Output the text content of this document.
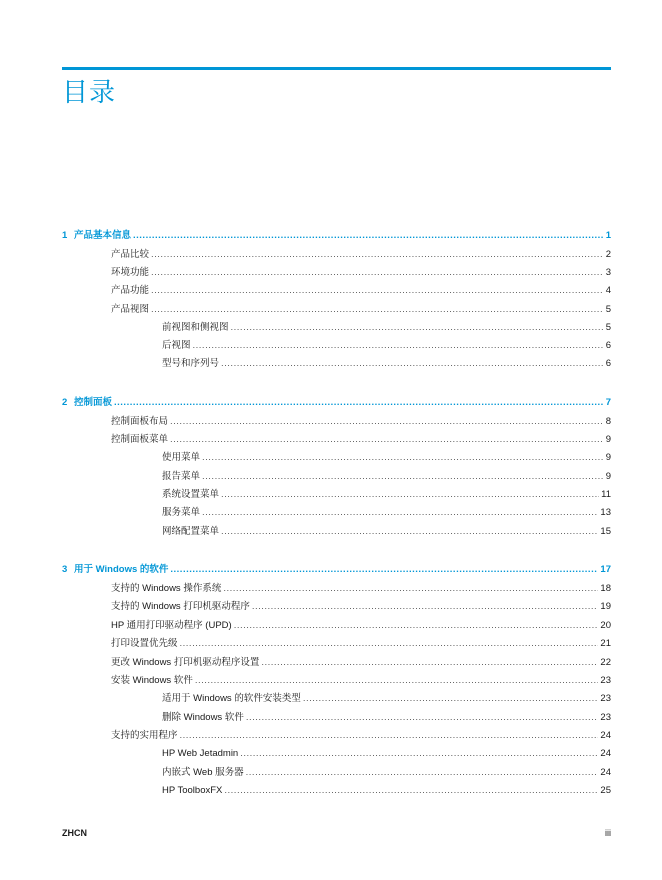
目录
1 产品基本信息 .....	1
产品比较 .....	2
环境功能 .....	3
产品功能 .....	4
产品视图 .....	5
前视图和侧视图 .....	5
后视图 .....	6
型号和序列号 .....	6
2 控制面板 .....	7
控制面板布局 .....	8
控制面板菜单 .....	9
使用菜单 .....	9
报告菜单 .....	9
系统设置菜单 .....	11
服务菜单 .....	13
网络配置菜单 .....	15
3 用于 Windows 的软件 .....	17
支持的 Windows 操作系统 .....	18
支持的 Windows 打印机驱动程序 .....	19
HP 通用打印驱动程序 (UPD) .....	20
打印设置优先级 .....	21
更改 Windows 打印机驱动程序设置 .....	22
安装 Windows 软件 .....	23
适用于 Windows 的软件安装类型 .....	23
删除 Windows 软件 .....	23
支持的实用程序 .....	24
HP Web Jetadmin .....	24
内嵌式 Web 服务器 .....	24
HP ToolboxFX .....	25
ZHCN	iii
